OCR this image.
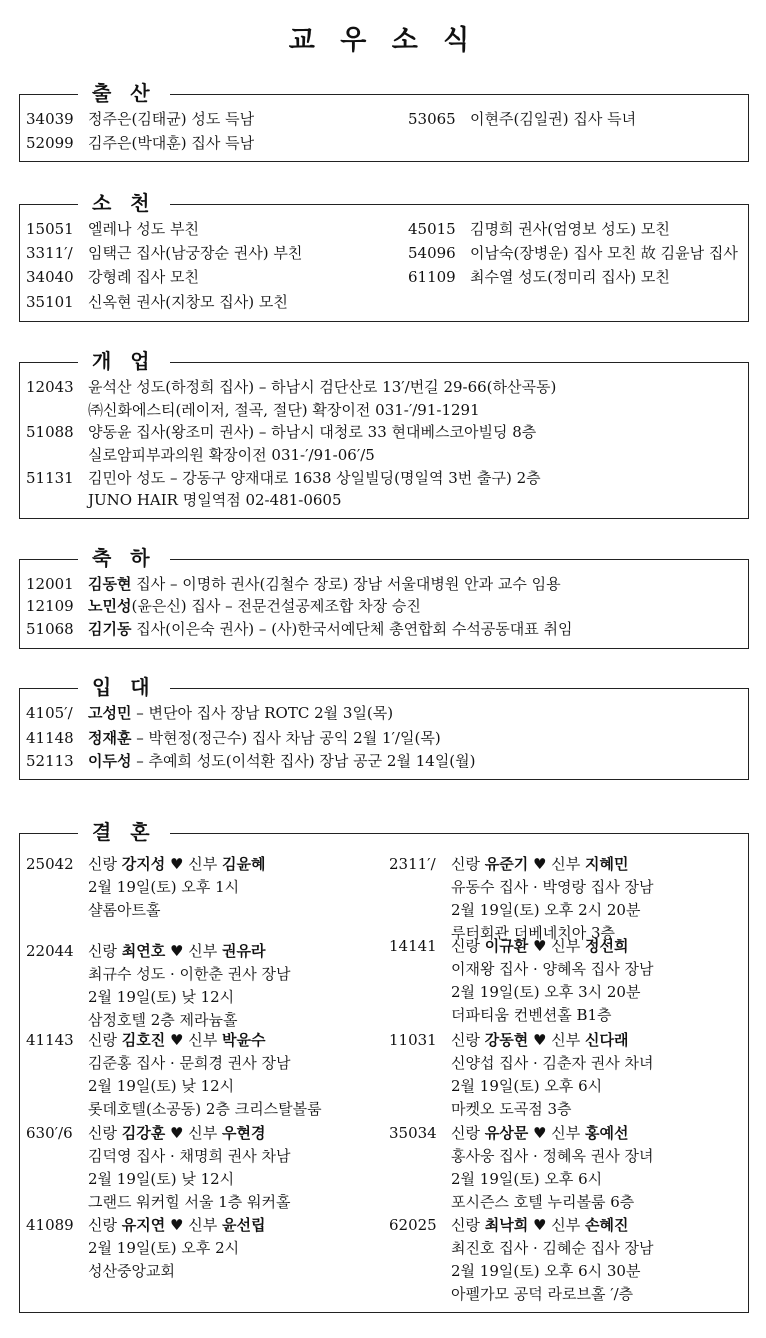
교 우 소 식
출 산
34039 정주은(김태균) 성도 득남
52099 김주은(박대훈) 집사 득남
53065 이현주(김일권) 집사 득녀
소 천
15051 엘레나 성도 부친
3311′/ 임택근 집사(남궁장순 권사) 부친
34040 강형례 집사 모친
35101 신옥현 권사(지창모 집사) 모친
45015 김명희 권사(엄영보 성도) 모친
54096 이남숙(장병운) 집사 모친 故 김윤남 집사
61109 최수열 성도(정미리 집사) 모친
개 업
12043 윤석산 성도(하정희 집사) – 하남시 검단산로 13′/번길 29-66(하산곡동)
㈜신화에스티(레이저, 절곡, 절단) 확장이전 031-′/91-1291
51088 양동윤 집사(왕조미 권사) – 하남시 대청로 33 현대베스코아빌딩 8층
실로암피부과의원 확장이전 031-′/91-06′/5
51131 김민아 성도 – 강동구 양재대로 1638 상일빌딩(명일역 3번 출구) 2층
JUNO HAIR 명일역점 02-481-0605
축 하
12001 김동현 집사 – 이명하 권사(김철수 장로) 장남 서울대병원 안과 교수 임용
12109 노민성(윤은신) 집사 – 전문건설공제조합 차장 승진
51068 김기동 집사(이은숙 권사) – (사)한국서예단체 총연합회 수석공동대표 취임
입 대
4105′/ 고성민 – 변단아 집사 장남 ROTC 2월 3일(목)
41148 정재훈 – 박현정(정근수) 집사 차남 공익 2월 1′/일(목)
52113 이두성 – 추예희 성도(이석환 집사) 장남 공군 2월 14일(월)
결 혼
25042 신랑 강지성 ♥ 신부 김윤혜
2월 19일(토) 오후 1시
샬롬아트홀
22044 신랑 최연호 ♥ 신부 권유라
최규수 성도 · 이한춘 권사 장남
2월 19일(토) 낮 12시
삼정호텔 2층 제라늄홀
41143 신랑 김호진 ♥ 신부 박윤수
김준홍 집사 · 문희경 권사 장남
2월 19일(토) 낮 12시
롯데호텔(소공동) 2층 크리스탈볼룸
630′/6 신랑 김강훈 ♥ 신부 우현경
김덕영 집사 · 채명희 권사 차남
2월 19일(토) 낮 12시
그랜드 워커힐 서울 1층 워커홀
41089 신랑 유지연 ♥ 신부 윤선립
2월 19일(토) 오후 2시
성산중앙교회
2311′/ 신랑 유준기 ♥ 신부 지혜민
유동수 집사 · 박영랑 집사 장남
2월 19일(토) 오후 2시 20분
루터회관 더베네치아 3층
14141 신랑 이규환 ♥ 신부 정선희
이재왕 집사 · 양혜옥 집사 장남
2월 19일(토) 오후 3시 20분
더파티움 컨벤션홀 B1층
11031 신랑 강동현 ♥ 신부 신다래
신양섭 집사 · 김춘자 권사 차녀
2월 19일(토) 오후 6시
마켓오 도곡점 3층
35034 신랑 유상문 ♥ 신부 홍예선
홍사웅 집사 · 정혜옥 권사 장녀
2월 19일(토) 오후 6시
포시즌스 호텔 누리볼룸 6층
62025 신랑 최낙희 ♥ 신부 손혜진
최진호 집사 · 김혜순 집사 장남
2월 19일(토) 오후 6시 30분
아펠가모 공덕 라로브홀 ′/층
